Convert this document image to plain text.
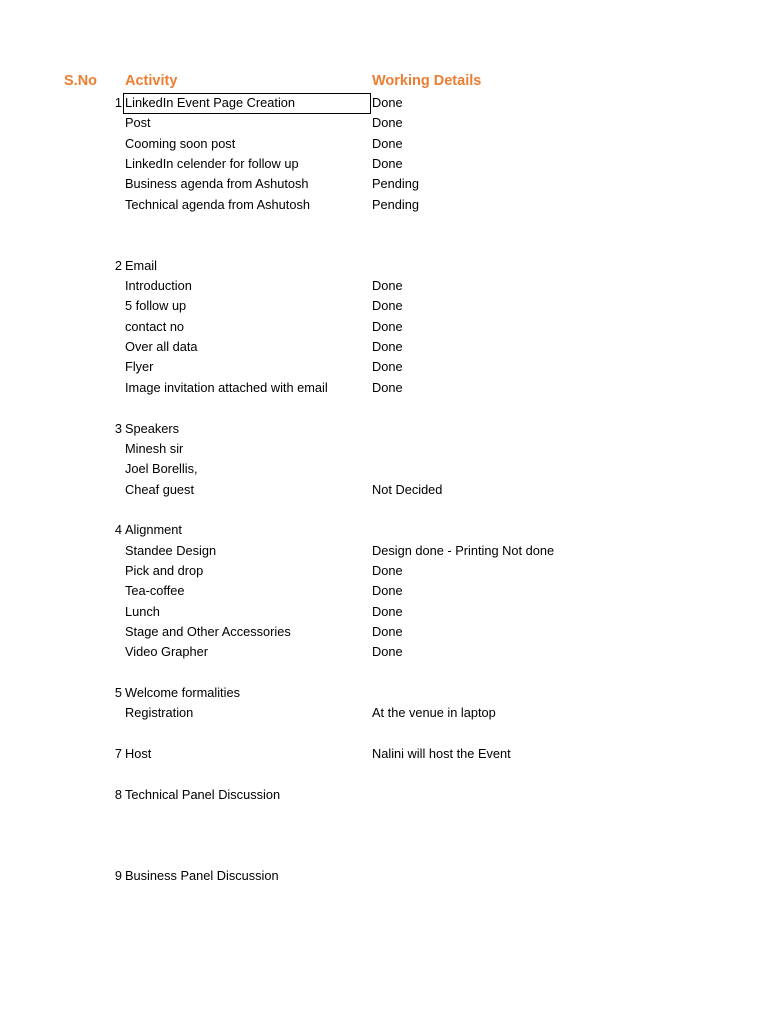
S.No Activity	Working Details
1 LinkedIn Event Page Creation	Done
Post	Done
Cooming soon post	Done
LinkedIn celender for follow up	Done
Business agenda from Ashutosh	Pending
Technical agenda from Ashutosh	Pending
2 Email
Introduction	Done
5 follow up	Done
contact no	Done
Over all data	Done
Flyer	Done
Image invitation attached with email	Done
3 Speakers
Minesh sir
Joel Borellis,
Cheaf guest	Not Decided
4 Alignment
Standee Design	Design done - Printing Not done
Pick and drop	Done
Tea-coffee	Done
Lunch	Done
Stage and Other Accessories	Done
Video Grapher	Done
5 Welcome formalities
Registration	At the venue in laptop
7 Host	Nalini will host the Event
8 Technical Panel Discussion
9 Business Panel Discussion
